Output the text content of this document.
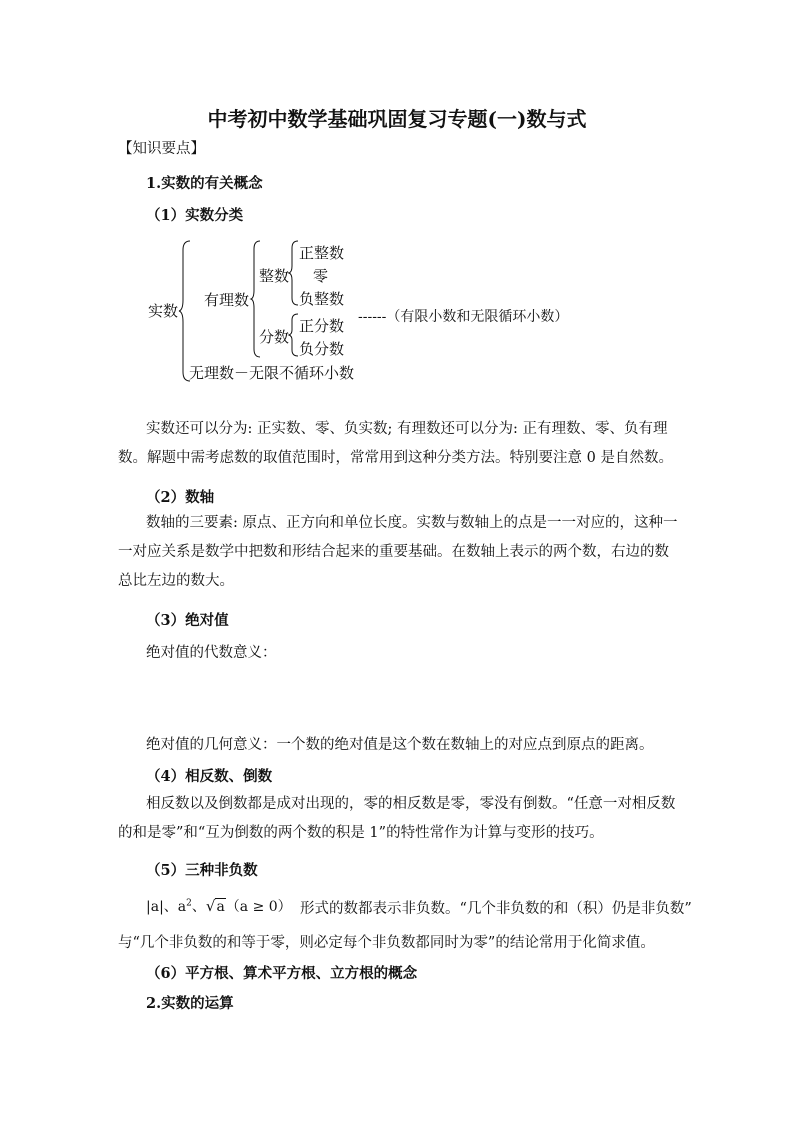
中考初中数学基础巩固复习专题(一)数与式
【知识要点】
1.实数的有关概念
（1）实数分类
实数
有理数
整数
正整数
零
负整数
分数
正分数
负分数
------（有限小数和无限循环小数）
无理数－无限不循环小数
实数还可以分为: 正实数、零、负实数; 有理数还可以分为: 正有理数、零、负有理数。解题中需考虑数的取值范围时，常常用到这种分类方法。特别要注意 0 是自然数。
（2）数轴
数轴的三要素: 原点、正方向和单位长度。实数与数轴上的点是一一对应的，这种一一对应关系是数学中把数和形结合起来的重要基础。在数轴上表示的两个数，右边的数总比左边的数大。
（3）绝对值
绝对值的代数意义：
绝对值的几何意义：一个数的绝对值是这个数在数轴上的对应点到原点的距离。
（4）相反数、倒数
相反数以及倒数都是成对出现的，零的相反数是零，零没有倒数。“任意一对相反数的和是零”和“互为倒数的两个数的积是 1”的特性常作为计算与变形的技巧。
（5）三种非负数
|a|、$a^2$、√a（a ≥ 0） 形式的数都表示非负数。“几个非负数的和（积）仍是非负数”
与“几个非负数的和等于零，则必定每个非负数都同时为零”的结论常用于化简求值。
（6）平方根、算术平方根、立方根的概念
2.实数的运算
